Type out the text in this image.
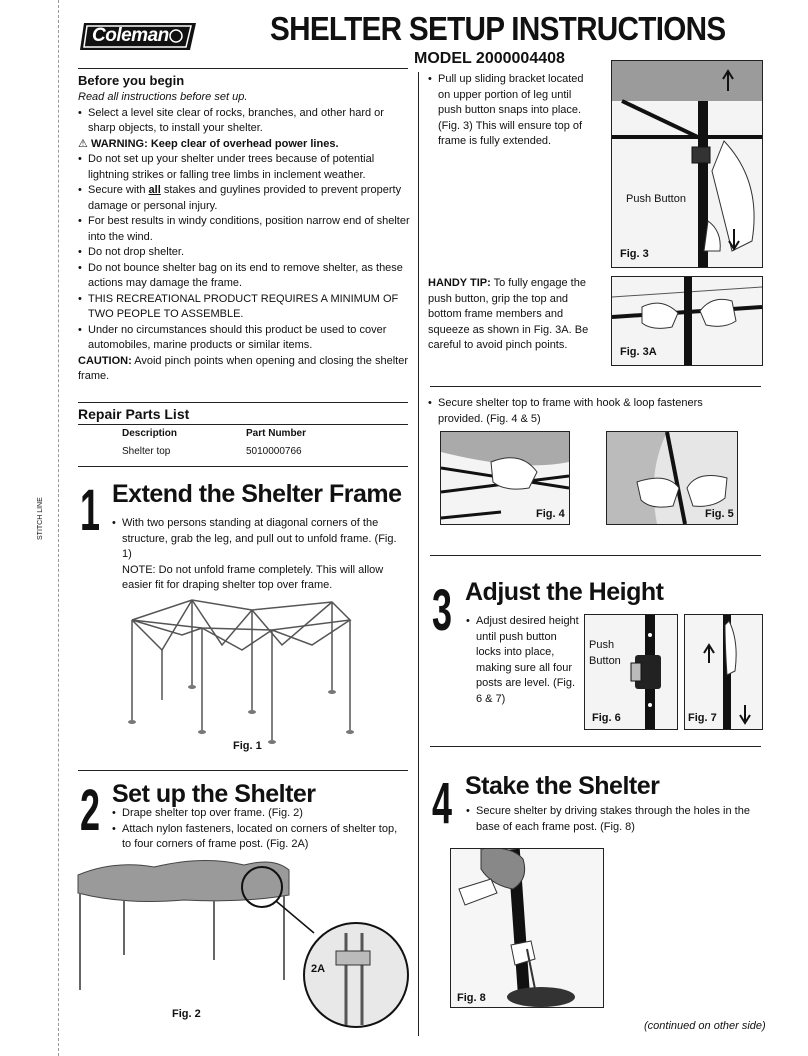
Coleman	SHELTER SETUP INSTRUCTIONS
MODEL 2000004408
STITCH LINE

Before you begin

Read all instructions before set up.

• Select a level site clear of rocks, branches, and other hard or sharp objects, to install your shelter.

⚠ WARNING: Keep clear of overhead power lines.

• Do not set up your shelter under trees because of potential lightning strikes or falling tree limbs in inclement weather.

• Secure with all stakes and guylines provided to prevent property damage or personal injury.

• For best results in windy conditions, position narrow end of shelter into the wind.

• Do not drop shelter.

• Do not bounce shelter bag on its end to remove shelter, as these actions may damage the frame.

• THIS RECREATIONAL PRODUCT REQUIRES A MINIMUM OF TWO PEOPLE TO ASSEMBLE.

• Under no circumstances should this product be used to cover automobiles, marine products or similar items.

CAUTION: Avoid pinch points when opening and closing the shelter frame.

Repair Parts List
Description	Part Number
Shelter top	5010000766
1 Extend the Shelter Frame

• With two persons standing at diagonal corners of the structure, grab the leg, and pull out to unfold frame. (Fig. 1)

NOTE: Do not unfold frame completely. This will allow easier fit for draping shelter top over frame.

Fig. 1
2 Set up the Shelter

• Drape shelter top over frame. (Fig. 2)

• Attach nylon fasteners, located on corners of shelter top, to four corners of frame post. (Fig. 2A)

2A
Fig. 2

• Pull up sliding bracket located on upper portion of leg until push button snaps into place. (Fig. 3) This will ensure top of frame is fully extended.

Push Button
Fig. 3

HANDY TIP: To fully engage the push button, grip the top and bottom frame members and squeeze as shown in Fig. 3A. Be careful to avoid pinch points.

Fig. 3A

• Secure shelter top to frame with hook & loop fasteners provided. (Fig. 4 & 5)

Fig. 4	Fig. 5
3 Adjust the Height

• Adjust desired height until push button locks into place, making sure all four posts are level. (Fig. 6 & 7)

Push
Button
Fig. 6	Fig. 7
4 Stake the Shelter

• Secure shelter by driving stakes through the holes in the base of each frame post. (Fig. 8)

Fig. 8
(continued on other side)
